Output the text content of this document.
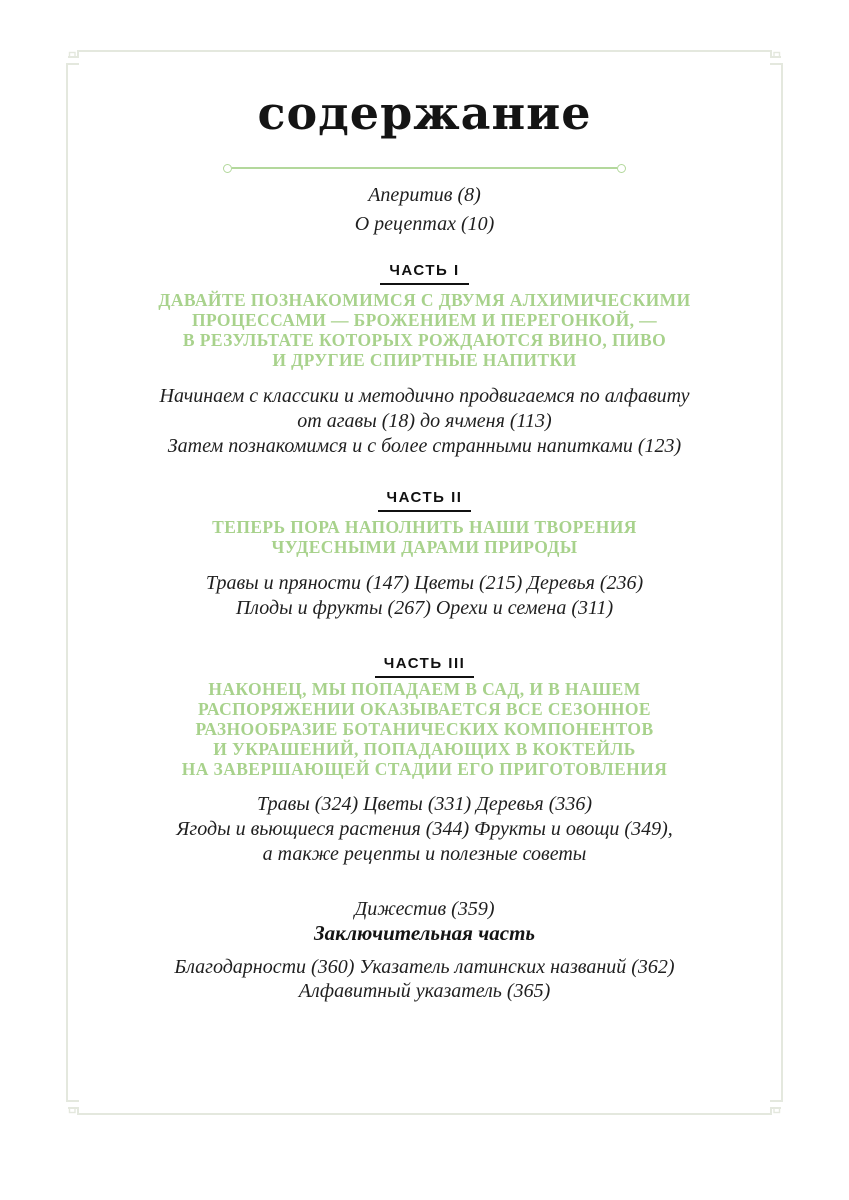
содержание
Аперитив (8)
О рецептах (10)
ЧАСТЬ I
ДАВАЙТЕ ПОЗНАКОМИМСЯ С ДВУМЯ АЛХИМИЧЕСКИМИ
ПРОЦЕССАМИ — БРОЖЕНИЕМ И ПЕРЕГОНКОЙ, —
В РЕЗУЛЬТАТЕ КОТОРЫХ РОЖДАЮТСЯ ВИНО, ПИВО
И ДРУГИЕ СПИРТНЫЕ НАПИТКИ
Начинаем с классики и методично продвигаемся по алфавиту
от агавы (18) до ячменя (113)
Затем познакомимся и с более странными напитками (123)
ЧАСТЬ II
ТЕПЕРЬ ПОРА НАПОЛНИТЬ НАШИ ТВОРЕНИЯ
ЧУДЕСНЫМИ ДАРАМИ ПРИРОДЫ
Травы и пряности (147) Цветы (215) Деревья (236)
Плоды и фрукты (267) Орехи и семена (311)
ЧАСТЬ III
НАКОНЕЦ, МЫ ПОПАДАЕМ В САД, И В НАШЕМ
РАСПОРЯЖЕНИИ ОКАЗЫВАЕТСЯ ВСЕ СЕЗОННОЕ
РАЗНООБРАЗИЕ БОТАНИЧЕСКИХ КОМПОНЕНТОВ
И УКРАШЕНИЙ, ПОПАДАЮЩИХ В КОКТЕЙЛЬ
НА ЗАВЕРШАЮЩЕЙ СТАДИИ ЕГО ПРИГОТОВЛЕНИЯ
Травы (324) Цветы (331) Деревья (336)
Ягоды и вьющиеся растения (344) Фрукты и овощи (349),
а также рецепты и полезные советы
Дижестив (359)
Заключительная часть
Благодарности (360) Указатель латинских названий (362)
Алфавитный указатель (365)
